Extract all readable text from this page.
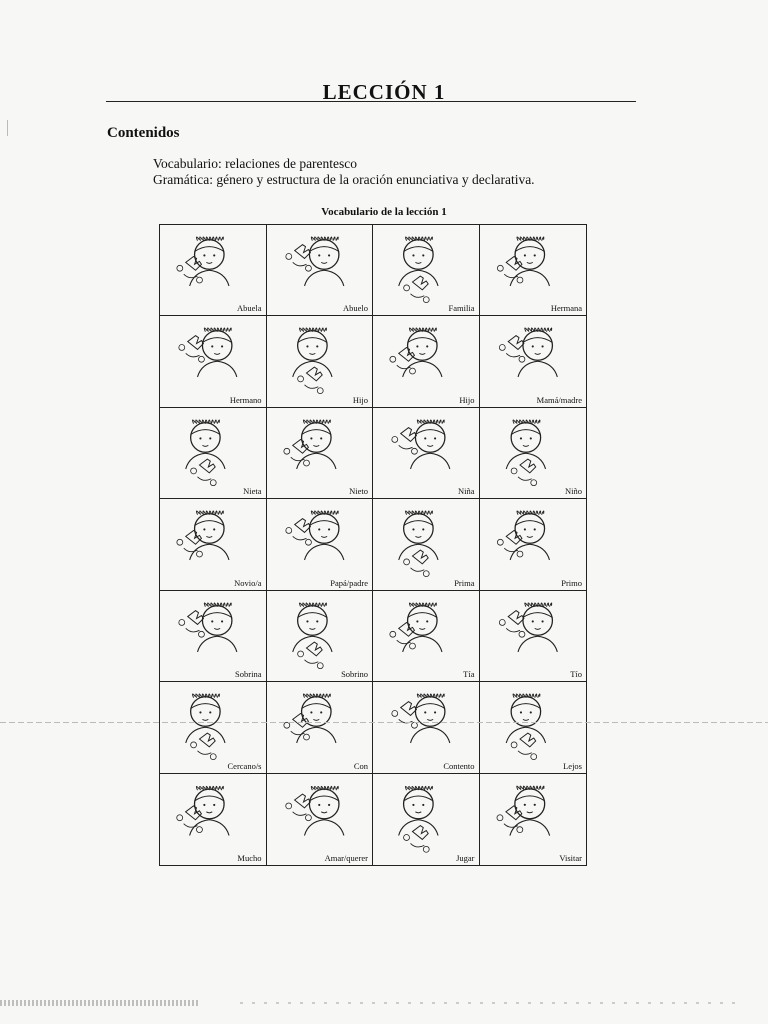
LECCIÓN 1
Contenidos
Vocabulario: relaciones de parentesco
Gramática: género y estructura de la oración enunciativa y declarativa.
Vocabulario de la lección 1
Abuela	Abuelo	Familia	Hermana
Hermano	Hijo	Hijo	Mamá/madre
Nieta	Nieto	Niña	Niño
Novio/a	Papá/padre	Prima	Primo
Sobrina	Sobrino	Tía	Tío
Cercano/s	Con	Contento	Lejos
Mucho	Amar/querer	Jugar	Visitar
